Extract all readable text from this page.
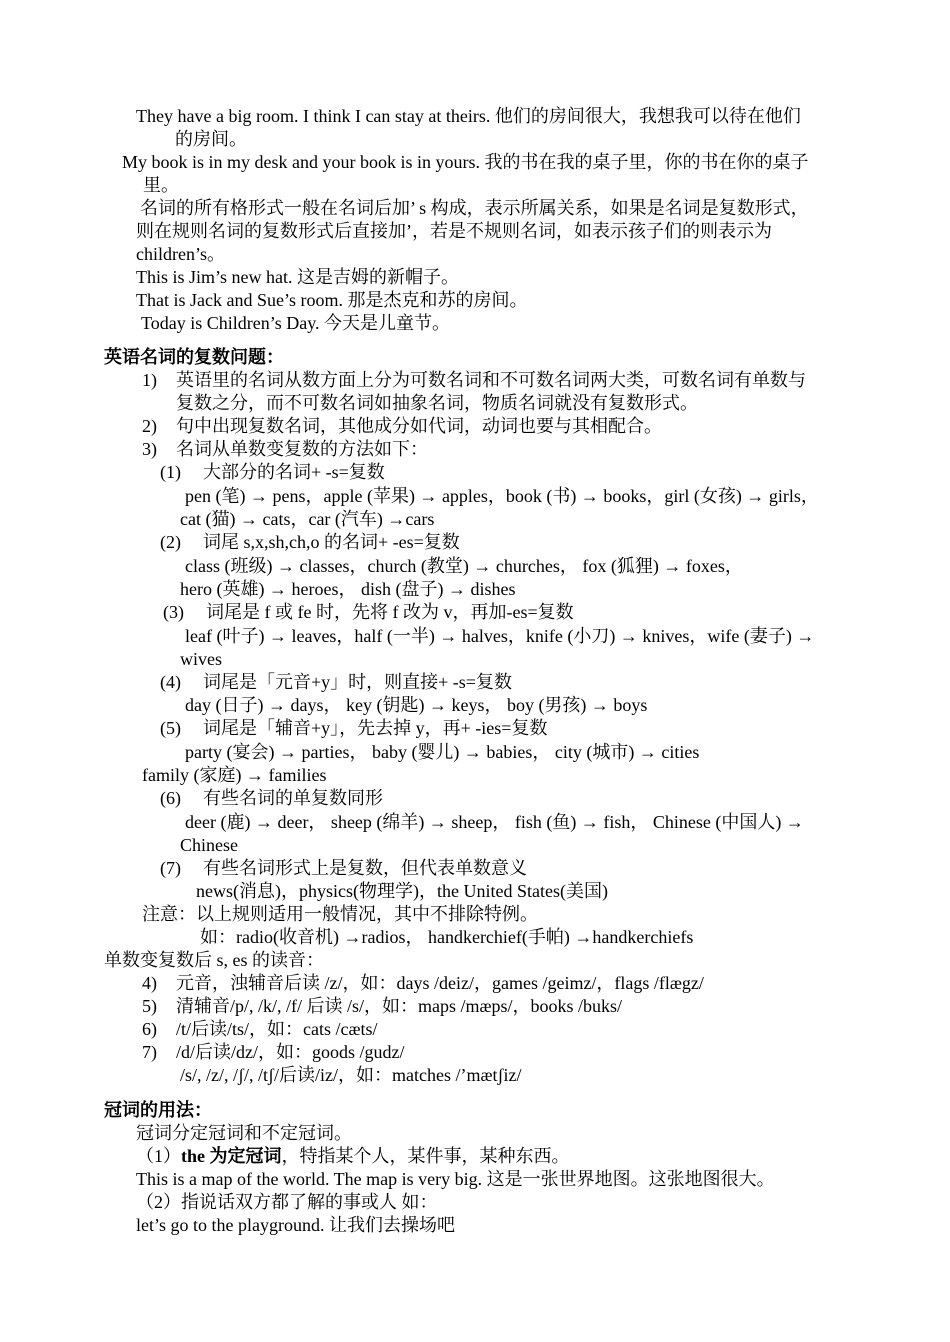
They have a big room. I think I can stay at theirs. 他们的房间很大，我想我可以待在他们
的房间。
My book is in my desk and your book is in yours. 我的书在我的桌子里，你的书在你的桌子
里。
名词的所有格形式一般在名词后加’ s 构成，表示所属关系，如果是名词是复数形式，
则在规则名词的复数形式后直接加’，若是不规则名词，如表示孩子们的则表示为
children’s。
This is Jim’s new hat. 这是吉姆的新帽子。
That is Jack and Sue’s room. 那是杰克和苏的房间。
Today is Children’s Day. 今天是儿童节。
英语名词的复数问题：
1) 英语里的名词从数方面上分为可数名词和不可数名词两大类，可数名词有单数与
复数之分，而不可数名词如抽象名词，物质名词就没有复数形式。
2) 句中出现复数名词，其他成分如代词，动词也要与其相配合。
3) 名词从单数变复数的方法如下：
(1) 大部分的名词+ -s=复数
pen (笔) → pens，apple (苹果) → apples，book (书) → books，girl (女孩) → girls，
cat (猫) → cats，car (汽车) →cars
(2) 词尾 s,x,sh,ch,o 的名词+ -es=复数
class (班级) → classes，church (教堂) → churches， fox (狐狸) → foxes，
hero (英雄) → heroes， dish (盘子) → dishes
(3) 词尾是 f 或 fe 时，先将 f 改为 v，再加-es=复数
leaf (叶子) → leaves，half (一半) → halves，knife (小刀) → knives，wife (妻子) →
wives
(4) 词尾是「元音+y」时，则直接+ -s=复数
day (日子) → days， key (钥匙) → keys， boy (男孩) → boys
(5) 词尾是「辅音+y」，先去掉 y，再+ -ies=复数
party (宴会) → parties， baby (婴儿) → babies， city (城市) → cities
family (家庭) → families
(6) 有些名词的单复数同形
deer (鹿) → deer， sheep (绵羊) → sheep， fish (鱼) → fish， Chinese (中国人) →
Chinese
(7) 有些名词形式上是复数，但代表单数意义
news(消息)，physics(物理学)，the United States(美国)
注意：以上规则适用一般情况，其中不排除特例。
如：radio(收音机) →radios， handkerchief(手帕) →handkerchiefs
单数变复数后 s, es 的读音：
4) 元音，浊辅音后读 /z/，如：days /deiz/，games /geimz/，flags /flægz/
5) 清辅音/p/, /k/, /f/ 后读 /s/，如：maps /mæps/，books /buks/
6) /t/后读/ts/，如：cats /cæts/
7) /d/后读/dz/，如：goods /gudz/
/s/, /z/, /ʃ/, /tʃ/后读/iz/，如：matches /’mætʃiz/
冠词的用法：
冠词分定冠词和不定冠词。
（1）the 为定冠词，特指某个人，某件事，某种东西。
This is a map of the world. The map is very big. 这是一张世界地图。这张地图很大。
（2）指说话双方都了解的事或人 如：
let’s go to the playground. 让我们去操场吧
